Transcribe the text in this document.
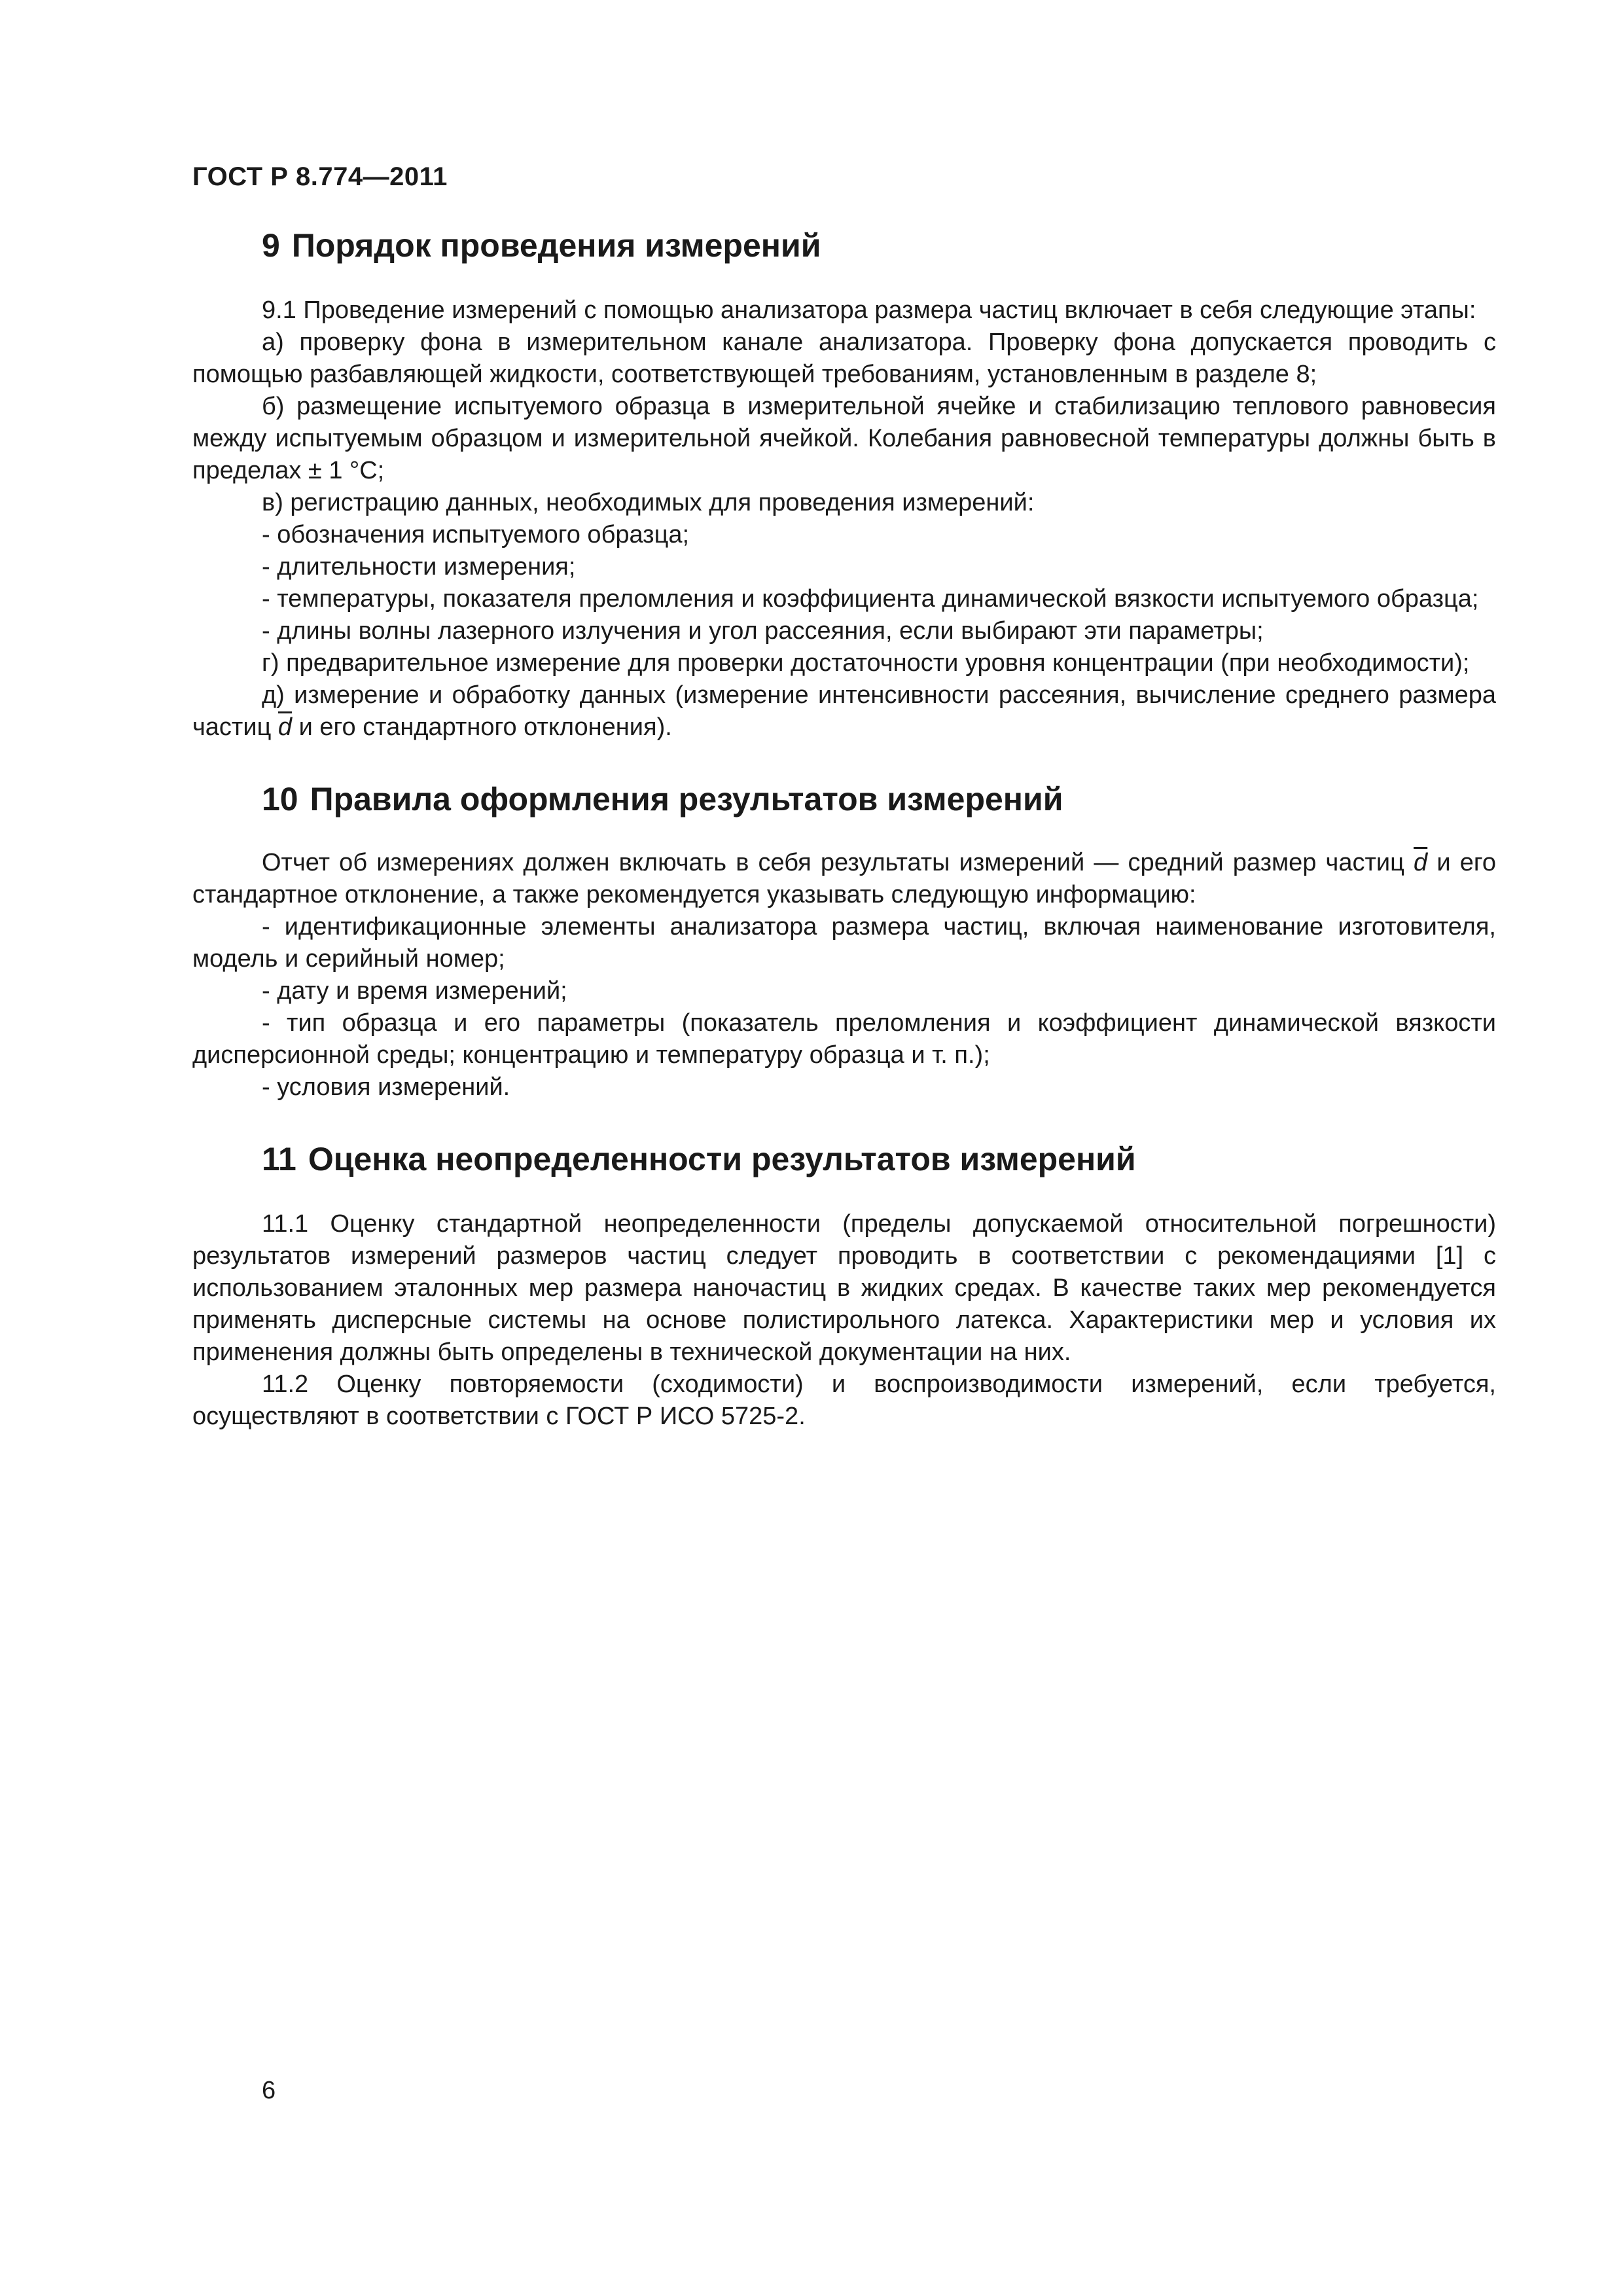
ГОСТ Р 8.774—2011
9 Порядок проведения измерений

9.1 Проведение измерений с помощью анализатора размера частиц включает в себя следующие этапы:

а) проверку фона в измерительном канале анализатора. Проверку фона допускается проводить с помощью разбавляющей жидкости, соответствующей требованиям, установленным в разделе 8;

б) размещение испытуемого образца в измерительной ячейке и стабилизацию теплового равновесия между испытуемым образцом и измерительной ячейкой. Колебания равновесной температуры должны быть в пределах ± 1 °С;

в) регистрацию данных, необходимых для проведения измерений:

- обозначения испытуемого образца;

- длительности измерения;

- температуры, показателя преломления и коэффициента динамической вязкости испытуемого образца;

- длины волны лазерного излучения и угол рассеяния, если выбирают эти параметры;

г) предварительное измерение для проверки достаточности уровня концентрации (при необходимости);

д) измерение и обработку данных (измерение интенсивности рассеяния, вычисление среднего размера частиц $\overline{d}$ и его стандартного отклонения).

10 Правила оформления результатов измерений

Отчет об измерениях должен включать в себя результаты измерений — средний размер частиц $\overline{d}$ и его стандартное отклонение, а также рекомендуется указывать следующую информацию:

- идентификационные элементы анализатора размера частиц, включая наименование изготовителя, модель и серийный номер;

- дату и время измерений;

- тип образца и его параметры (показатель преломления и коэффициент динамической вязкости дисперсионной среды; концентрацию и температуру образца и т. п.);

- условия измерений.

11 Оценка неопределенности результатов измерений

11.1 Оценку стандартной неопределенности (пределы допускаемой относительной погрешности) результатов измерений размеров частиц следует проводить в соответствии с рекомендациями [1] с использованием эталонных мер размера наночастиц в жидких средах. В качестве таких мер рекомендуется применять дисперсные системы на основе полистирольного латекса. Характеристики мер и условия их применения должны быть определены в технической документации на них.

11.2 Оценку повторяемости (сходимости) и воспроизводимости измерений, если требуется, осуществляют в соответствии с ГОСТ Р ИСО 5725-2.

6
